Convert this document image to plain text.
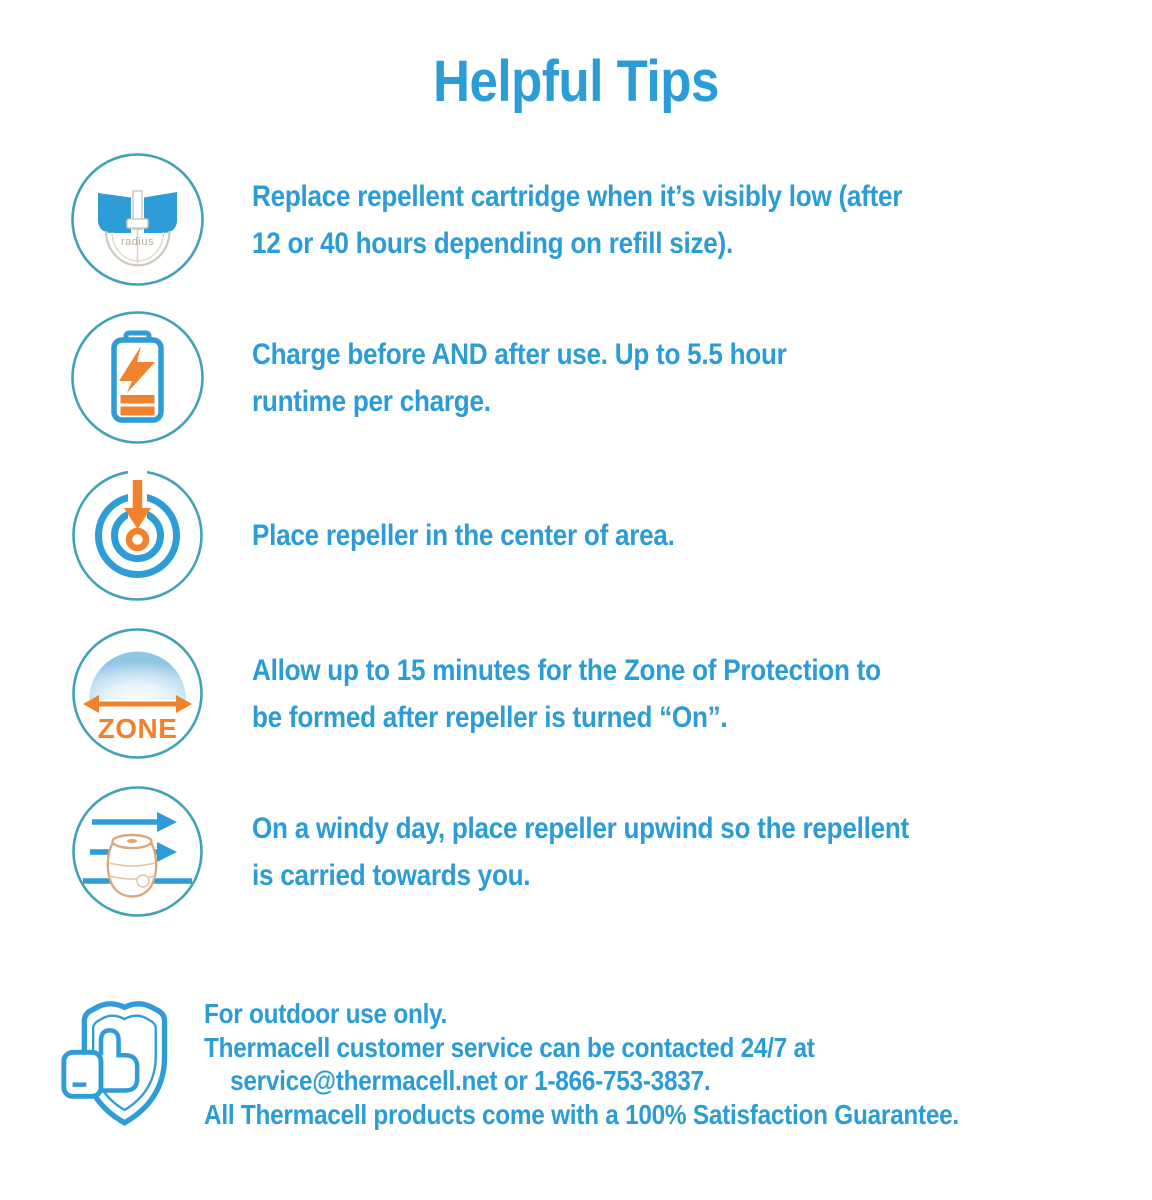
Helpful Tips
radius
Replace repellent cartridge when it’s visibly low (after
12 or 40 hours depending on refill size).
Charge before AND after use. Up to 5.5 hour
runtime per charge.
Place repeller in the center of area.
ZONE
Allow up to 15 minutes for the Zone of Protection to
be formed after repeller is turned “On”.
On a windy day, place repeller upwind so the repellent
is carried towards you.
For outdoor use only.
Thermacell customer service can be contacted 24/7 at
service@thermacell.net or 1-866-753-3837.
All Thermacell products come with a 100% Satisfaction Guarantee.
